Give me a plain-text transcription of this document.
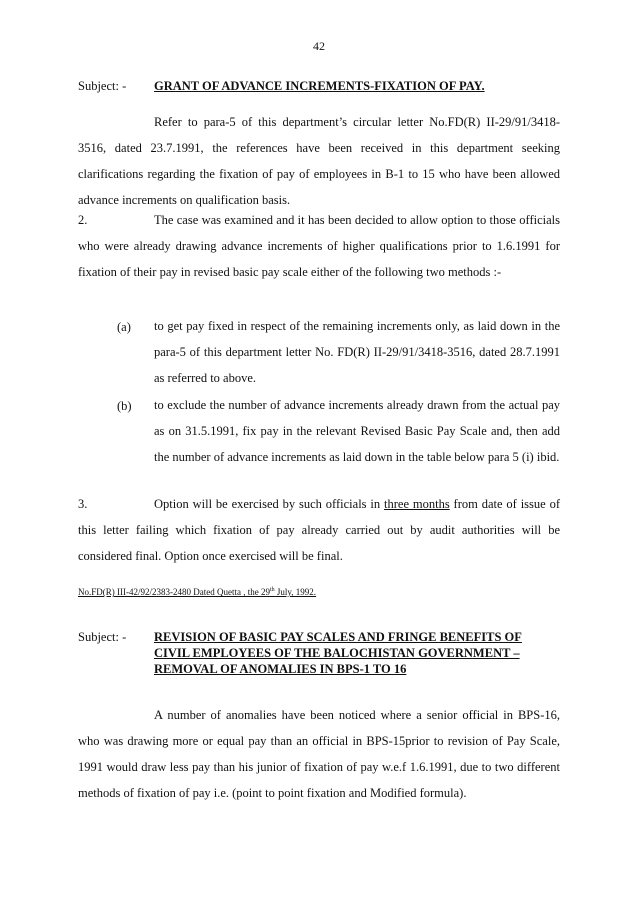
42
Subject: - GRANT OF ADVANCE INCREMENTS-FIXATION OF PAY.
Refer to para-5 of this department’s circular letter No.FD(R) II-29/91/3418-3516, dated 23.7.1991, the references have been received in this department seeking clarifications regarding the fixation of pay of employees in B-1 to 15 who have been allowed advance increments on qualification basis.
2.	The case was examined and it has been decided to allow option to those officials who were already drawing advance increments of higher qualifications prior to 1.6.1991 for fixation of their pay in revised basic pay scale either of the following two methods :-
(a) to get pay fixed in respect of the remaining increments only, as laid down in the para-5 of this department letter No. FD(R) II-29/91/3418-3516, dated 28.7.1991 as referred to above.
(b) to exclude the number of advance increments already drawn from the actual pay as on 31.5.1991, fix pay in the relevant Revised Basic Pay Scale and, then add the number of advance increments as laid down in the table below para 5 (i) ibid.
3.	Option will be exercised by such officials in three months from date of issue of this letter failing which fixation of pay already carried out by audit authorities will be considered final. Option once exercised will be final.
No.FD(R) III-42/92/2383-2480 Dated Quetta , the 29th July, 1992.
Subject: - REVISION OF BASIC PAY SCALES AND FRINGE BENEFITS OF
CIVIL EMPLOYEES OF THE BALOCHISTAN GOVERNMENT –
REMOVAL OF ANOMALIES IN BPS-1 TO 16
A number of anomalies have been noticed where a senior official in BPS-16, who was drawing more or equal pay than an official in BPS-15prior to revision of Pay Scale, 1991 would draw less pay than his junior of fixation of pay w.e.f 1.6.1991, due to two different methods of fixation of pay i.e. (point to point fixation and Modified formula).
